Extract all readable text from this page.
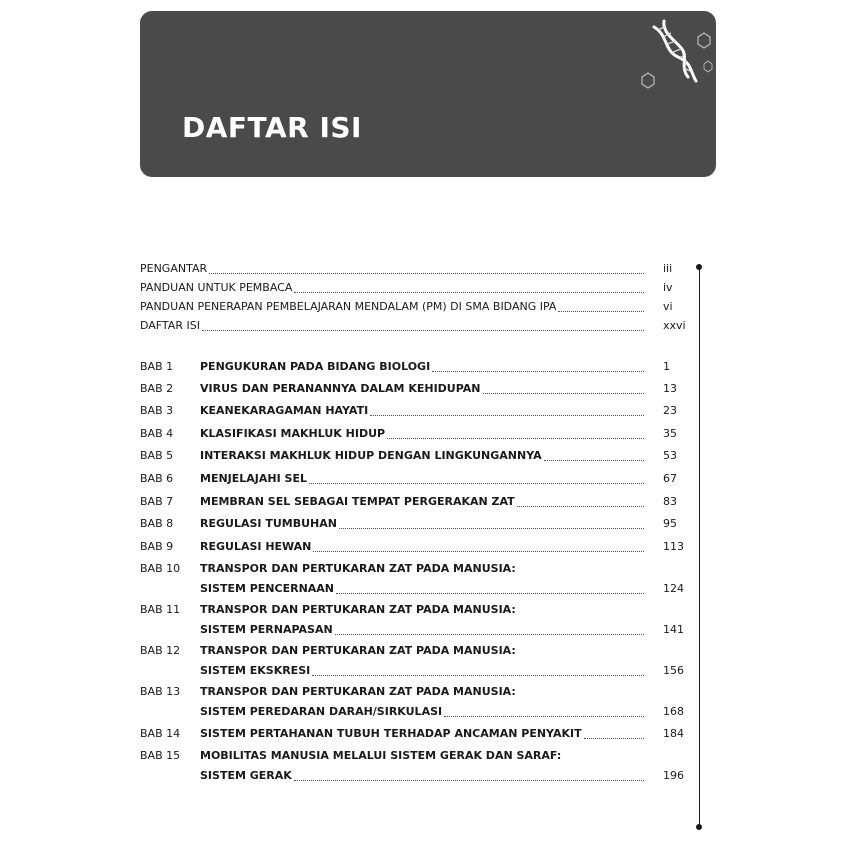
DAFTAR ISI
PENGANTAR	iii
PANDUAN UNTUK PEMBACA	iv
PANDUAN PENERAPAN PEMBELAJARAN MENDALAM (PM) DI SMA BIDANG IPA	vi
DAFTAR ISI	xxvi
BAB 1 PENGUKURAN PADA BIDANG BIOLOGI	1
BAB 2 VIRUS DAN PERANANNYA DALAM KEHIDUPAN	13
BAB 3 KEANEKARAGAMAN HAYATI	23
BAB 4 KLASIFIKASI MAKHLUK HIDUP	35
BAB 5 INTERAKSI MAKHLUK HIDUP DENGAN LINGKUNGANNYA	53
BAB 6 MENJELAJAHI SEL	67
BAB 7 MEMBRAN SEL SEBAGAI TEMPAT PERGERAKAN ZAT	83
BAB 8 REGULASI TUMBUHAN	95
BAB 9 REGULASI HEWAN	113
BAB 10 TRANSPOR DAN PERTUKARAN ZAT PADA MANUSIA:
SISTEM PENCERNAAN	124
BAB 11 TRANSPOR DAN PERTUKARAN ZAT PADA MANUSIA:
SISTEM PERNAPASAN	141
BAB 12 TRANSPOR DAN PERTUKARAN ZAT PADA MANUSIA:
SISTEM EKSKRESI	156
BAB 13 TRANSPOR DAN PERTUKARAN ZAT PADA MANUSIA:
SISTEM PEREDARAN DARAH/SIRKULASI	168
BAB 14 SISTEM PERTAHANAN TUBUH TERHADAP ANCAMAN PENYAKIT	184
BAB 15 MOBILITAS MANUSIA MELALUI SISTEM GERAK DAN SARAF:
SISTEM GERAK	196
